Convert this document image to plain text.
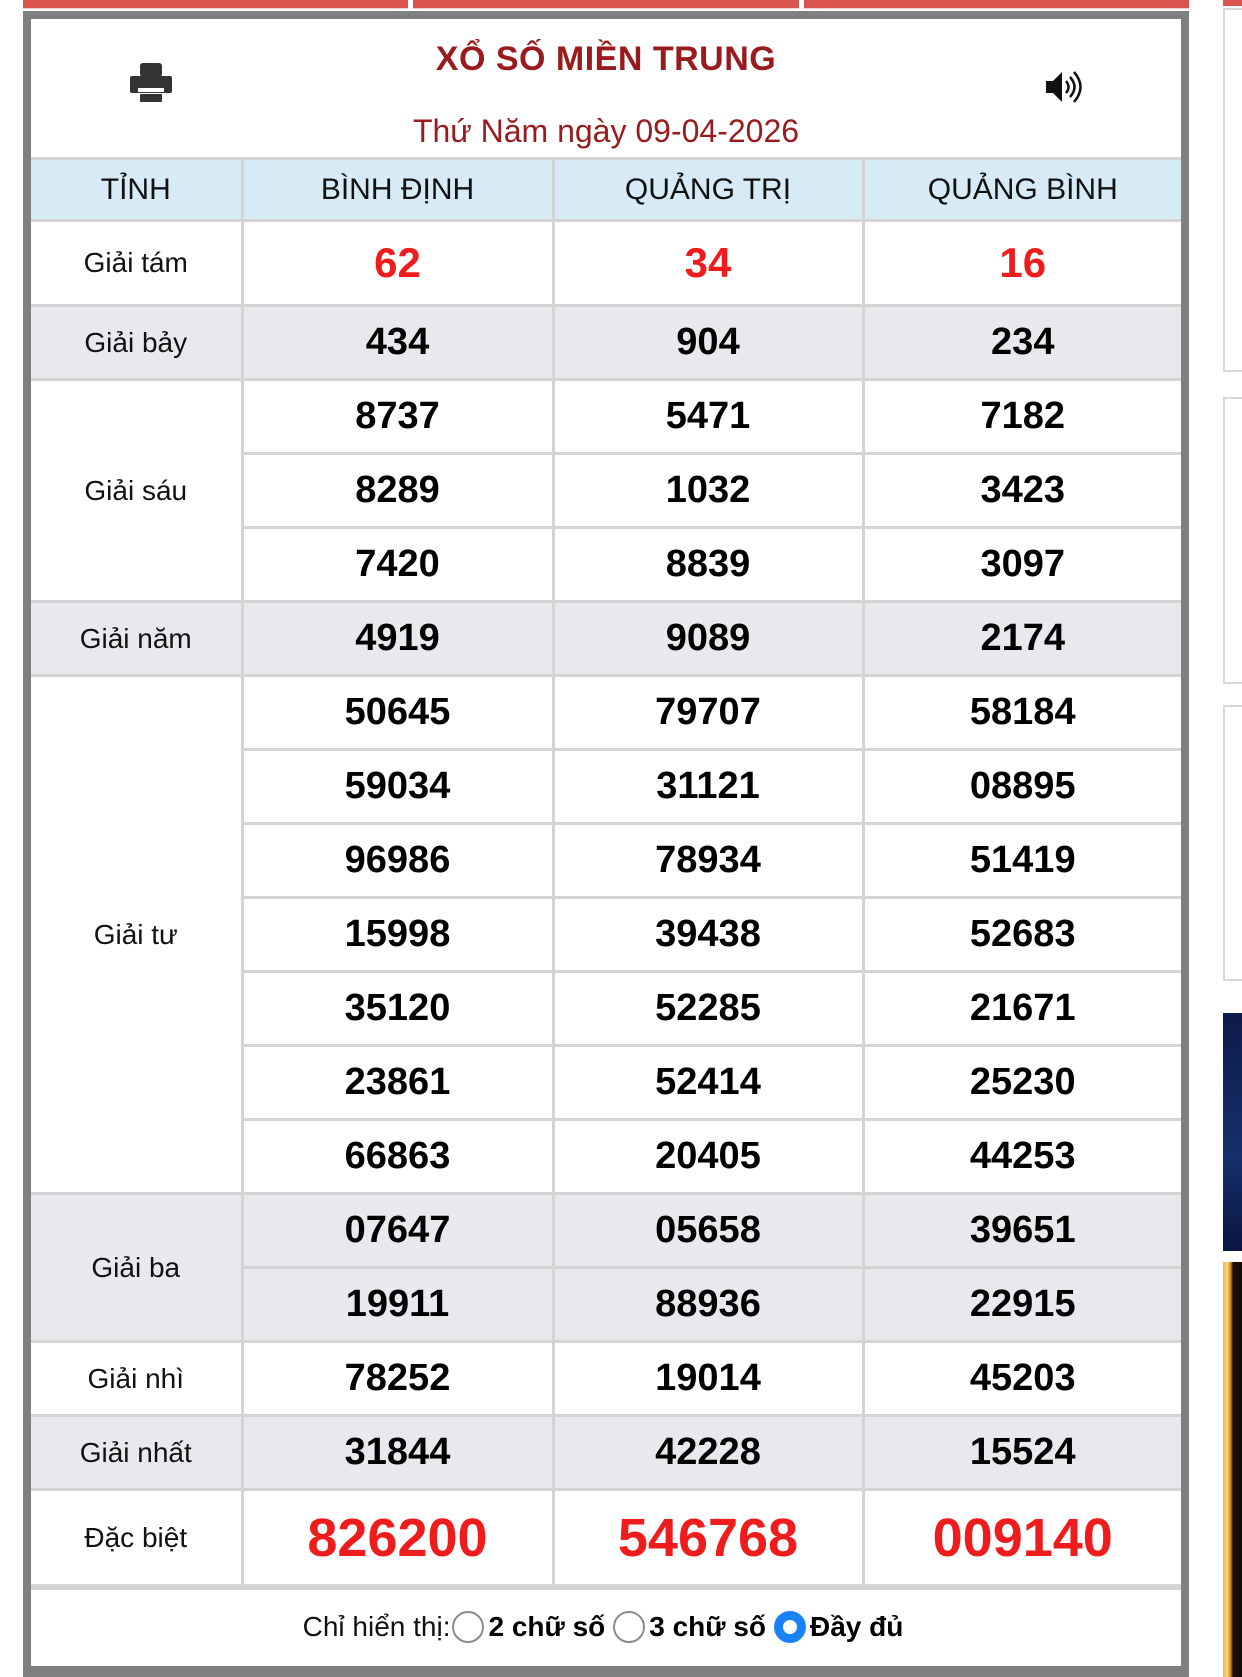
XỔ SỐ MIỀN TRUNG
Thứ Năm ngày 09-04-2026
TỈNH	BÌNH ĐỊNH	QUẢNG TRỊ	QUẢNG BÌNH
Giải tám	62	34	16
Giải bảy	434	904	234
Giải sáu	8737	5471	7182
	8289	1032	3423
	7420	8839	3097
Giải năm	4919	9089	2174
Giải tư	50645	79707	58184
	59034	31121	08895
	96986	78934	51419
	15998	39438	52683
	35120	52285	21671
	23861	52414	25230
	66863	20405	44253
Giải ba	07647	05658	39651
	19911	88936	22915
Giải nhì	78252	19014	45203
Giải nhất	31844	42228	15524
Đặc biệt	826200	546768	009140
Chỉ hiển thị: 2 chữ số 3 chữ số Đầy đủ
